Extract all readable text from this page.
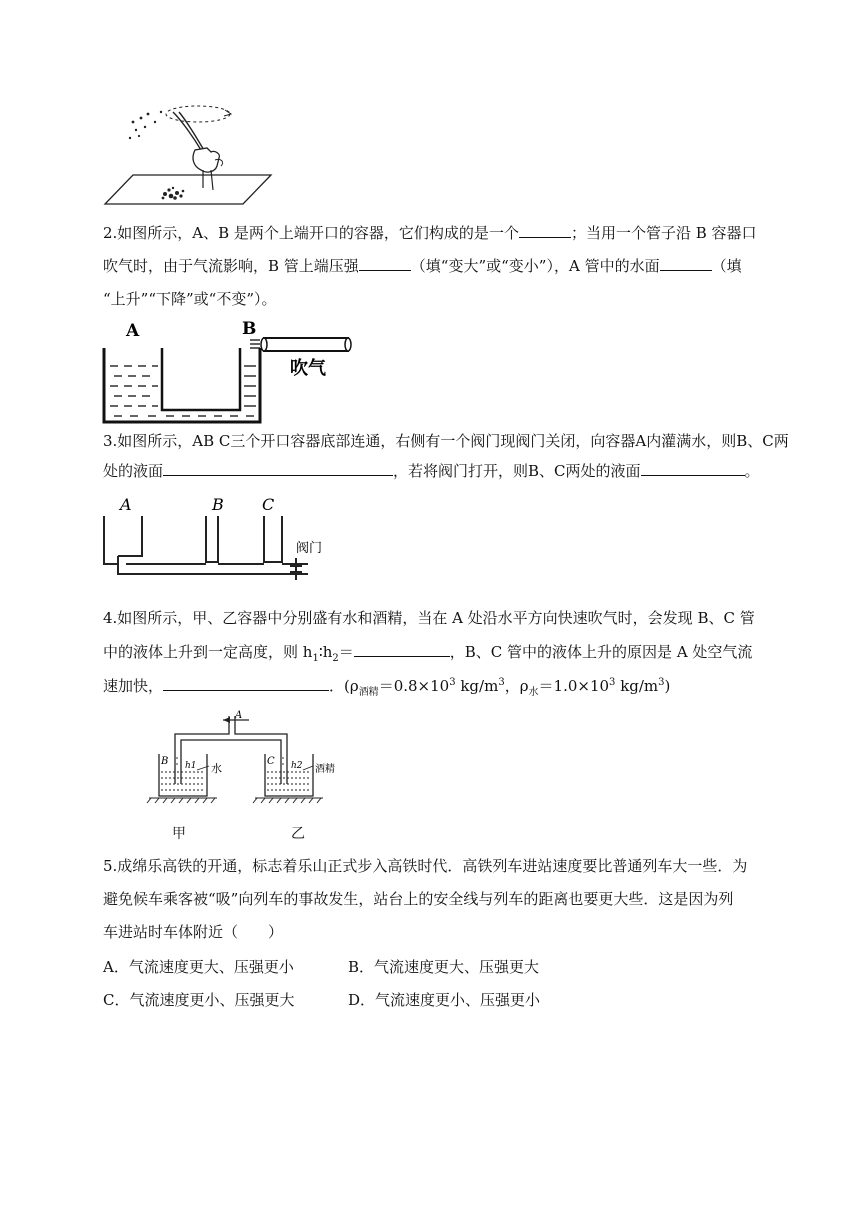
2.如图所示，A、B 是两个上端开口的容器，它们构成的是一个	；当用一个管子沿 B 容器口
吹气时，由于气流影响，B 管上端压强	（填“变大”或“变小”），A 管中的水面	（填
“上升”“下降”或“不变”）。
A	B
吹气
3.如图所示，AB C三个开口容器底部连通，右侧有一个阀门现阀门关闭，向容器A内灌满水，则B、C两
处的液面	，若将阀门打开，则B、C两处的液面	。
A	B C
阀门
4.如图所示，甲、乙容器中分别盛有水和酒精，当在 A 处沿水平方向快速吹气时，会发现 B、C 管
中的液体上升到一定高度，则 $h_1∶h_2=$	，B、C 管中的液体上升的原因是 A 处空气流
速加快，	．($\rho_{酒精}=0.8\times 10^3$ $kg/m^3$，$\rho_水=1.0\times 10^3$ $kg/m^3$)
A
B	C
h1	h2
水	酒精
甲	乙
5.成绵乐高铁的开通，标志着乐山正式步入高铁时代．高铁列车进站速度要比普通列车大一些．为
避免候车乘客被“吸”向列车的事故发生，站台上的安全线与列车的距离也要更大些．这是因为列
车进站时车体附近（　　）
A．气流速度更大、压强更小	B．气流速度更大、压强更大
C．气流速度更小、压强更大	D．气流速度更小、压强更小
